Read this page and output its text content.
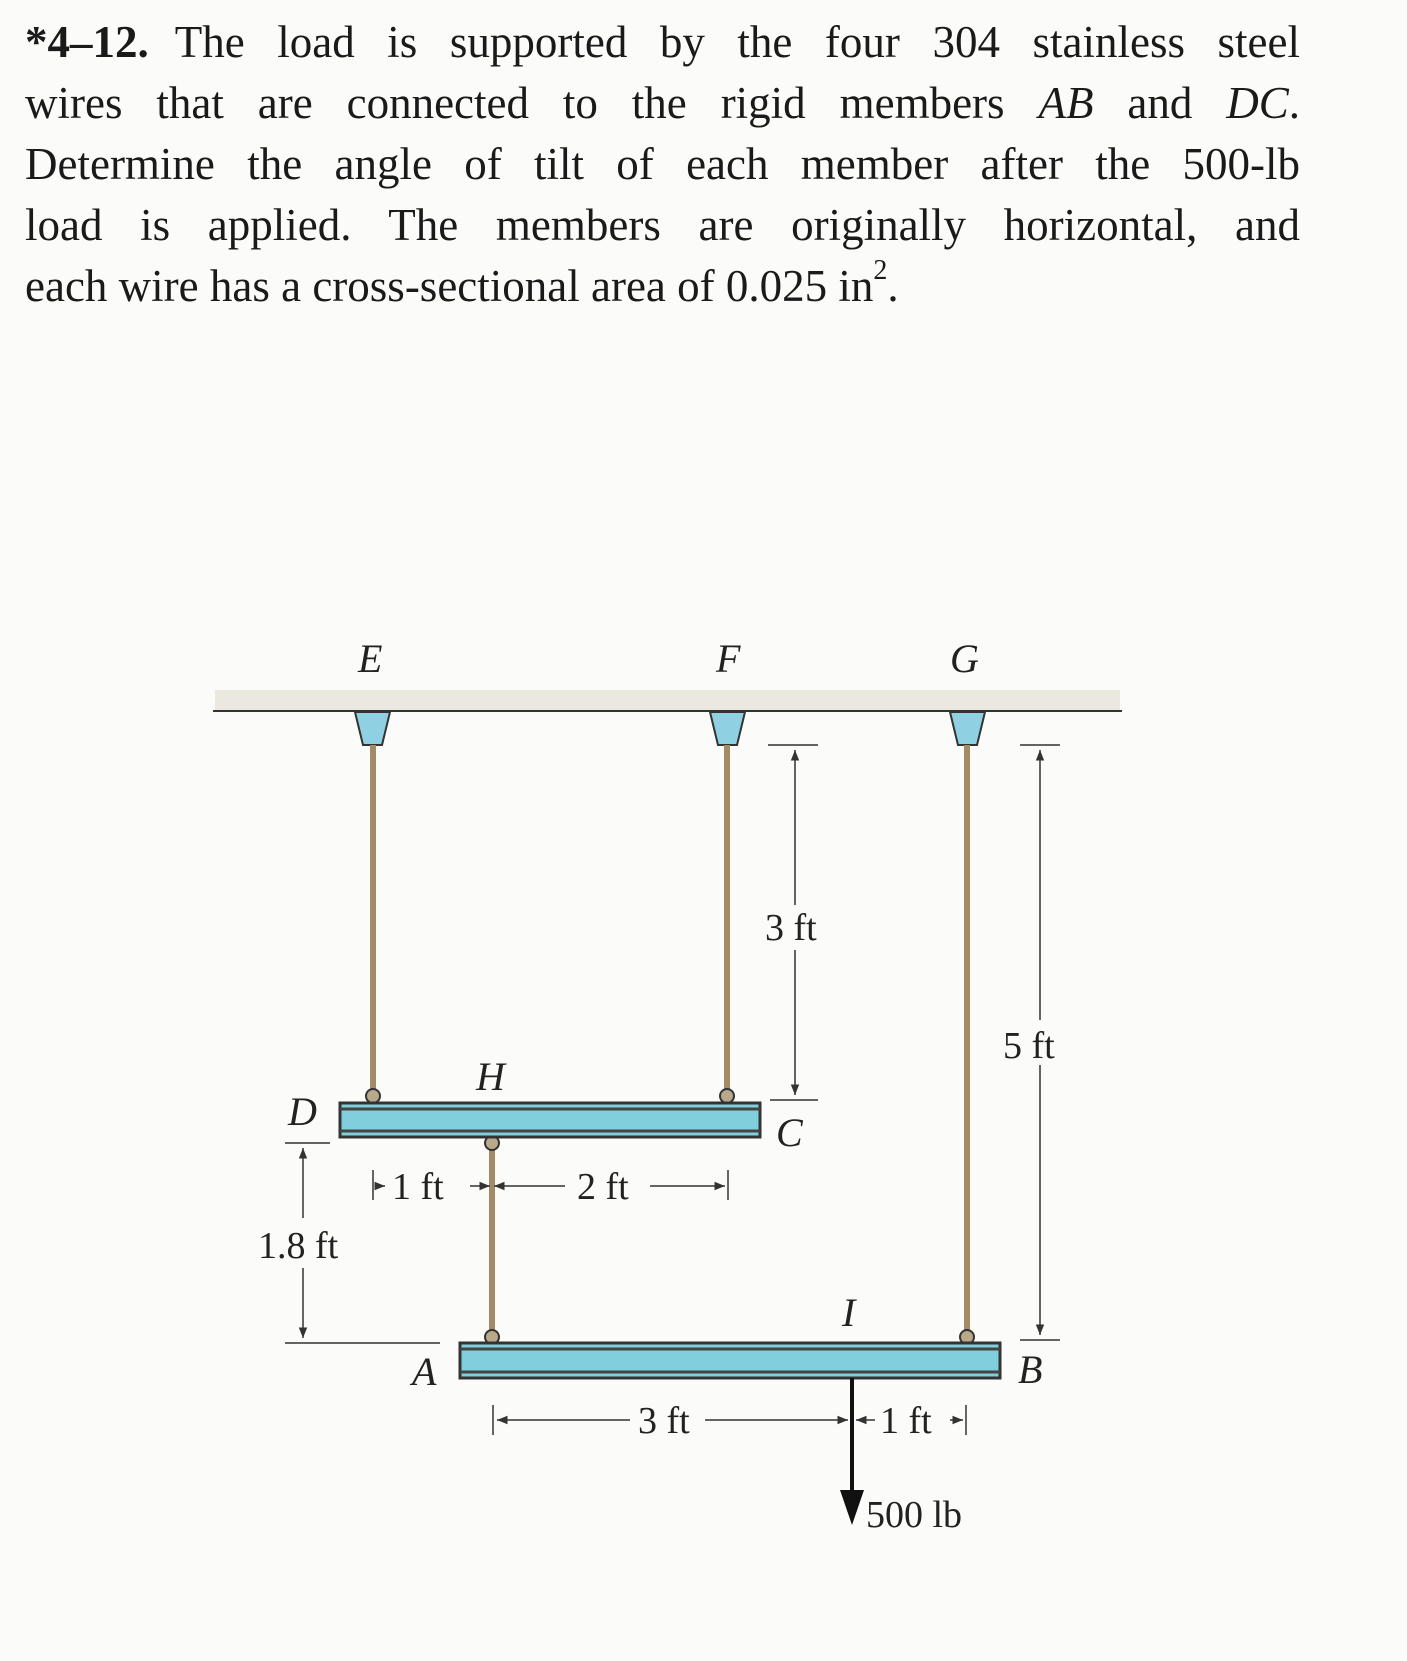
*4–12. The load is supported by the four 304 stainless steel
wires that are connected to the rigid members AB and DC.
Determine the angle of tilt of each member after the 500-lb
load is applied. The members are originally horizontal, and
each wire has a cross-sectional area of 0.025 $in^2$.
E	F	G
H
D	C
A	B
I
3 ft
5 ft
1 ft	2 ft
1.8 ft
3 ft	1 ft
500 lb
